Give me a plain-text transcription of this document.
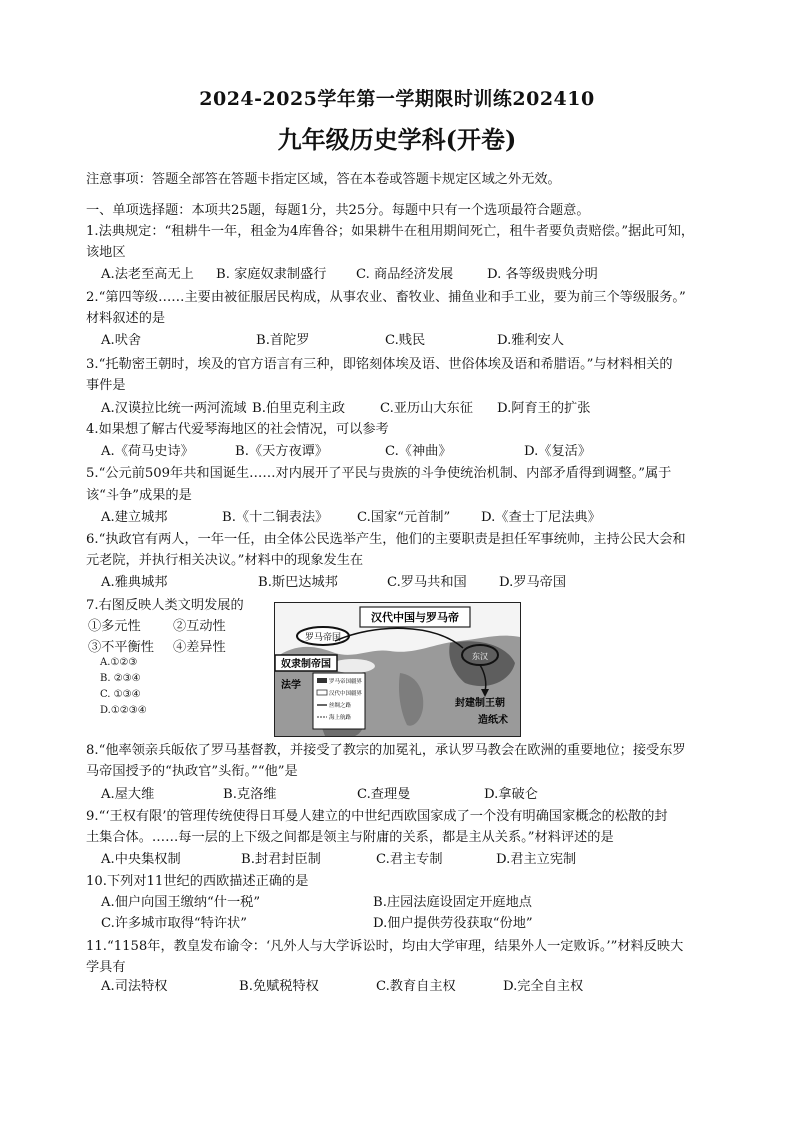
2024-2025学年第一学期限时训练202410
九年级历史学科(开卷)
注意事项：答题全部答在答题卡指定区域，答在本卷或答题卡规定区域之外无效。
一、单项选择题：本项共25题，每题1分，共25分。每题中只有一个选项最符合题意。
1.法典规定：“租耕牛一年，租金为4库鲁谷；如果耕牛在租用期间死亡，租牛者要负责赔偿。”据此可知，
该地区
A.法老至高无上 B. 家庭奴隶制盛行 C. 商品经济发展	D. 各等级贵贱分明
2.“第四等级……主要由被征服居民构成，从事农业、畜牧业、捕鱼业和手工业，要为前三个等级服务。”
材料叙述的是
A.吠舍	B.首陀罗	C.贱民	D.雅利安人
3.“托勒密王朝时，埃及的官方语言有三种，即铭刻体埃及语、世俗体埃及语和希腊语。”与材料相关的
事件是
A.汉谟拉比统一两河流域 B.伯里克利主政	C.亚历山大东征 D.阿育王的扩张
4.如果想了解古代爱琴海地区的社会情况，可以参考
A.《荷马史诗》	B.《天方夜谭》	C.《神曲》	D.《复活》
5.“公元前509年共和国诞生……对内展开了平民与贵族的斗争使统治机制、内部矛盾得到调整。”属于
该“斗争”成果的是
A.建立城邦	B.《十二铜表法》 C.国家“元首制” D.《查士丁尼法典》
6.“执政官有两人，一年一任，由全体公民选举产生，他们的主要职责是担任军事统帅，主持公民大会和
元老院，并执行相关决议。”材料中的现象发生在
A.雅典城邦	B.斯巴达城邦	C.罗马共和国 D.罗马帝国
7.右图反映人类文明发展的
①多元性 ②互动性
③不平衡性 ④差异性
A.①②③
B. ②③④
C. ①③④
D.①②③④
汉代中国与罗马帝
罗马帝国
奴隶制帝国
法学
东汉
封建制王朝
造纸术
罗马帝国疆界
汉代中国疆界
丝绸之路
海上航路
8.“他率领亲兵皈依了罗马基督教，并接受了教宗的加冕礼，承认罗马教会在欧洲的重要地位；接受东罗
马帝国授予的“执政官”头衔。”“他”是
A.屋大维	B.克洛维	C.查理曼	D.拿破仑
9.“‘王权有限’的管理传统使得日耳曼人建立的中世纪西欧国家成了一个没有明确国家概念的松散的封
土集合体。……每一层的上下级之间都是领主与附庸的关系，都是主从关系。”材料评述的是
A.中央集权制	B.封君封臣制	C.君主专制	D.君主立宪制
10.下列对11世纪的西欧描述正确的是
A.佃户向国王缴纳“什一税”	B.庄园法庭设固定开庭地点
C.许多城市取得“特许状”	D.佃户提供劳役获取“份地”
11.“1158年，教皇发布谕令：‘凡外人与大学诉讼时，均由大学审理，结果外人一定败诉。’”材料反映大
学具有
A.司法特权	B.免赋税特权	C.教育自主权	D.完全自主权
